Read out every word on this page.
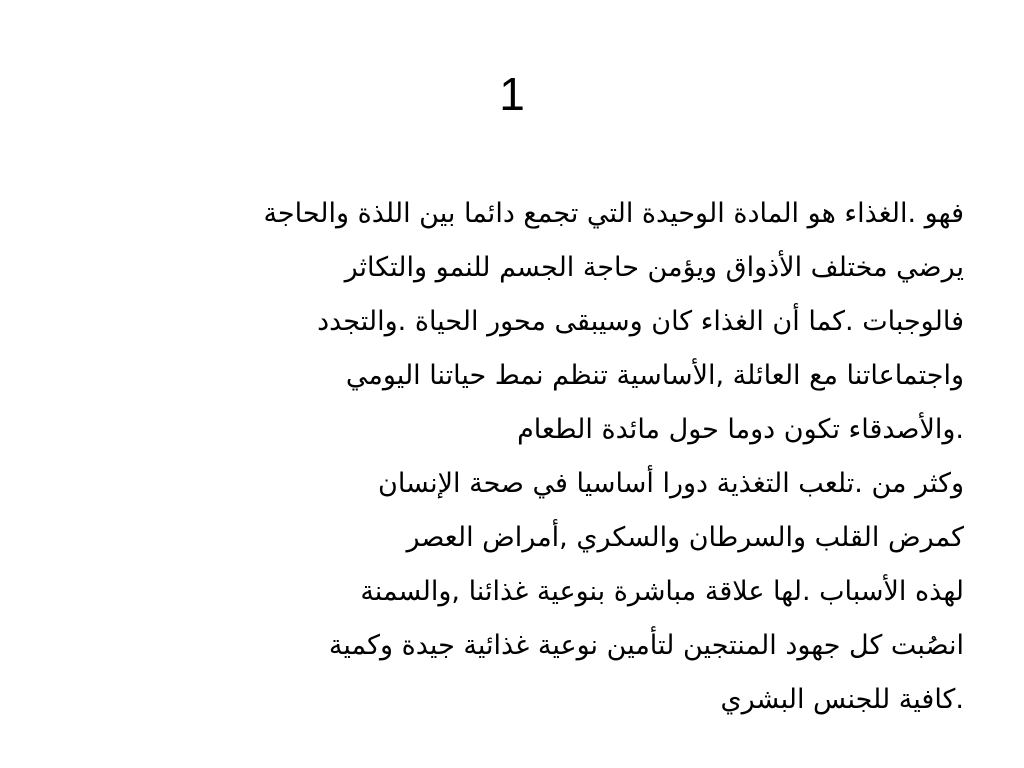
1
فهو .الغذاء هو المادة الوحيدة التي تجمع دائما بين اللذة والحاجة
يرضي مختلف الأذواق ويؤمن حاجة الجسم للنمو والتكاثر
فالوجبات .كما أن الغذاء كان وسيبقى محور الحياة .والتجدد
واجتماعاتنا مع العائلة ,الأساسية تنظم نمط حياتنا اليومي
.والأصدقاء تكون دوما حول مائدة الطعام
وكثر من .تلعب التغذية دورا أساسيا في صحة الإنسان
كمرض القلب والسرطان والسكري ,أمراض العصر
لهذه الأسباب .لها علاقة مباشرة بنوعية غذائنا ,والسمنة
انصُبت كل جهود المنتجين لتأمين نوعية غذائية جيدة وكمية
.كافية للجنس البشري
